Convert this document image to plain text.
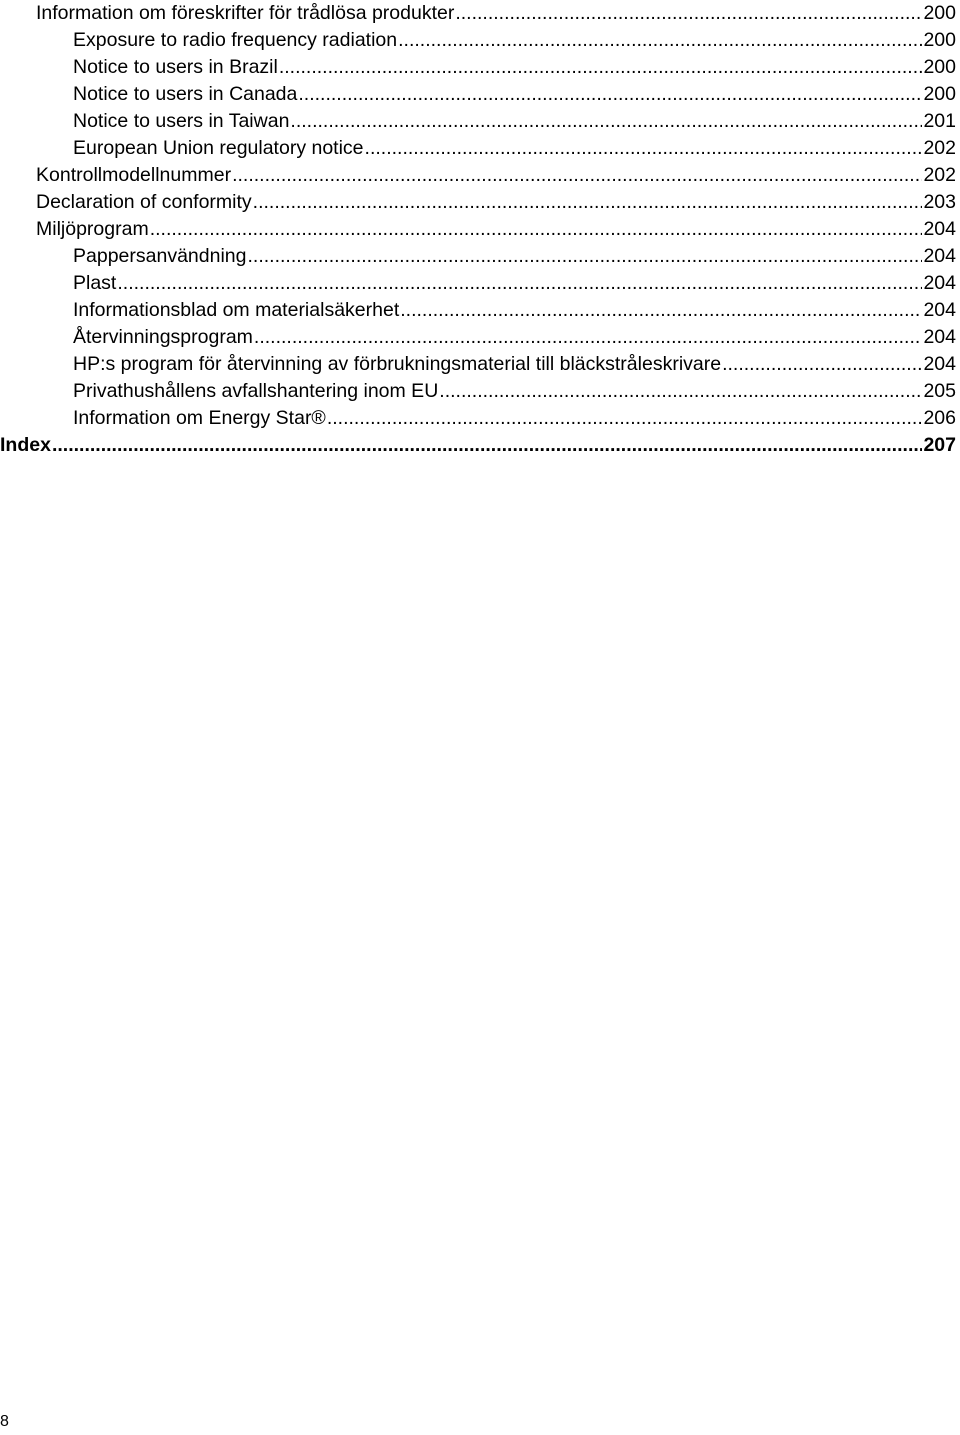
Information om föreskrifter för trådlösa produkter .....	200
Exposure to radio frequency radiation .....	200
Notice to users in Brazil .....	200
Notice to users in Canada .....	200
Notice to users in Taiwan .....	201
European Union regulatory notice .....	202
Kontrollmodellnummer .....	202
Declaration of conformity .....	203
Miljöprogram .....	204
Pappersanvändning .....	204
Plast .....	204
Informationsblad om materialsäkerhet .....	204
Återvinningsprogram .....	204
HP:s program för återvinning av förbrukningsmaterial till bläckstråleskrivare .....	204
Privathushållens avfallshantering inom EU .....	205
Information om Energy Star® .....	206
Index .....	207
8
